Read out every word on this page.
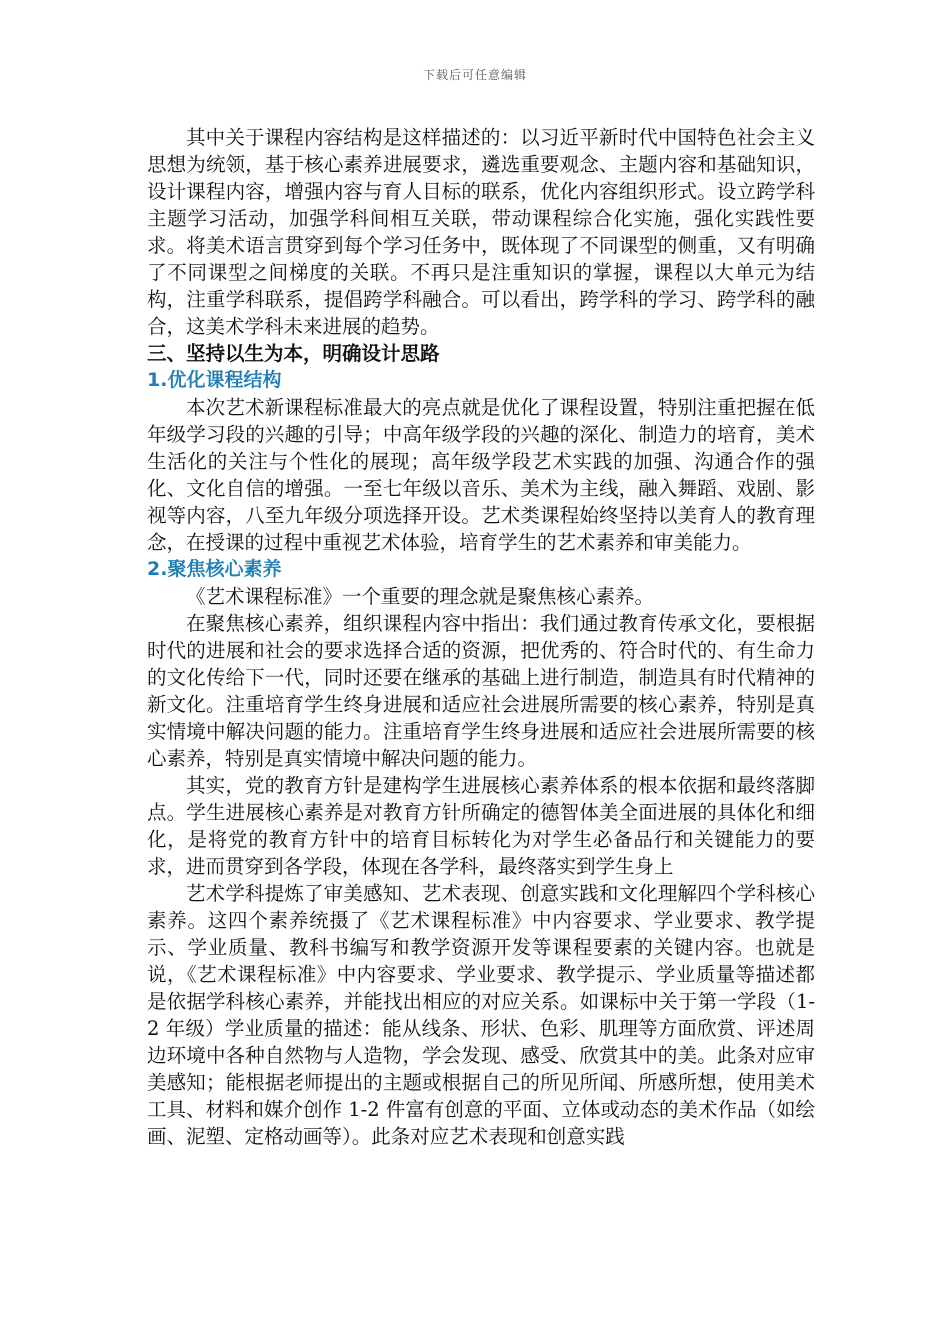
下载后可任意编辑

其中关于课程内容结构是这样描述的：以习近平新时代中国特色社会主义思想为统领，基于核心素养进展要求，遴选重要观念、主题内容和基础知识，设计课程内容，增强内容与育人目标的联系，优化内容组织形式。设立跨学科主题学习活动，加强学科间相互关联，带动课程综合化实施，强化实践性要求。将美术语言贯穿到每个学习任务中，既体现了不同课型的侧重，又有明确了不同课型之间梯度的关联。不再只是注重知识的掌握，课程以大单元为结构，注重学科联系，提倡跨学科融合。可以看出，跨学科的学习、跨学科的融合，这美术学科未来进展的趋势。

三、坚持以生为本，明确设计思路

1.优化课程结构

本次艺术新课程标准最大的亮点就是优化了课程设置，特别注重把握在低年级学习段的兴趣的引导；中高年级学段的兴趣的深化、制造力的培育，美术生活化的关注与个性化的展现；高年级学段艺术实践的加强、沟通合作的强化、文化自信的增强。一至七年级以音乐、美术为主线，融入舞蹈、戏剧、影视等内容，八至九年级分项选择开设。艺术类课程始终坚持以美育人的教育理念，在授课的过程中重视艺术体验，培育学生的艺术素养和审美能力。

2.聚焦核心素养

《艺术课程标准》一个重要的理念就是聚焦核心素养。

在聚焦核心素养，组织课程内容中指出：我们通过教育传承文化，要根据时代的进展和社会的要求选择合适的资源，把优秀的、符合时代的、有生命力的文化传给下一代，同时还要在继承的基础上进行制造，制造具有时代精神的新文化。注重培育学生终身进展和适应社会进展所需要的核心素养，特别是真实情境中解决问题的能力。注重培育学生终身进展和适应社会进展所需要的核心素养，特别是真实情境中解决问题的能力。

其实，党的教育方针是建构学生进展核心素养体系的根本依据和最终落脚点。学生进展核心素养是对教育方针所确定的德智体美全面进展的具体化和细化，是将党的教育方针中的培育目标转化为对学生必备品行和关键能力的要求，进而贯穿到各学段，体现在各学科，最终落实到学生身上

艺术学科提炼了审美感知、艺术表现、创意实践和文化理解四个学科核心素养。这四个素养统摄了《艺术课程标准》中内容要求、学业要求、教学提示、学业质量、教科书编写和教学资源开发等课程要素的关键内容。也就是说，《艺术课程标准》中内容要求、学业要求、教学提示、学业质量等描述都是依据学科核心素养，并能找出相应的对应关系。如课标中关于第一学段（1-2 年级）学业质量的描述：能从线条、形状、色彩、肌理等方面欣赏、评述周边环境中各种自然物与人造物，学会发现、感受、欣赏其中的美。此条对应审美感知；能根据老师提出的主题或根据自己的所见所闻、所感所想，使用美术工具、材料和媒介创作 1-2 件富有创意的平面、立体或动态的美术作品（如绘画、泥塑、定格动画等）。此条对应艺术表现和创意实践
